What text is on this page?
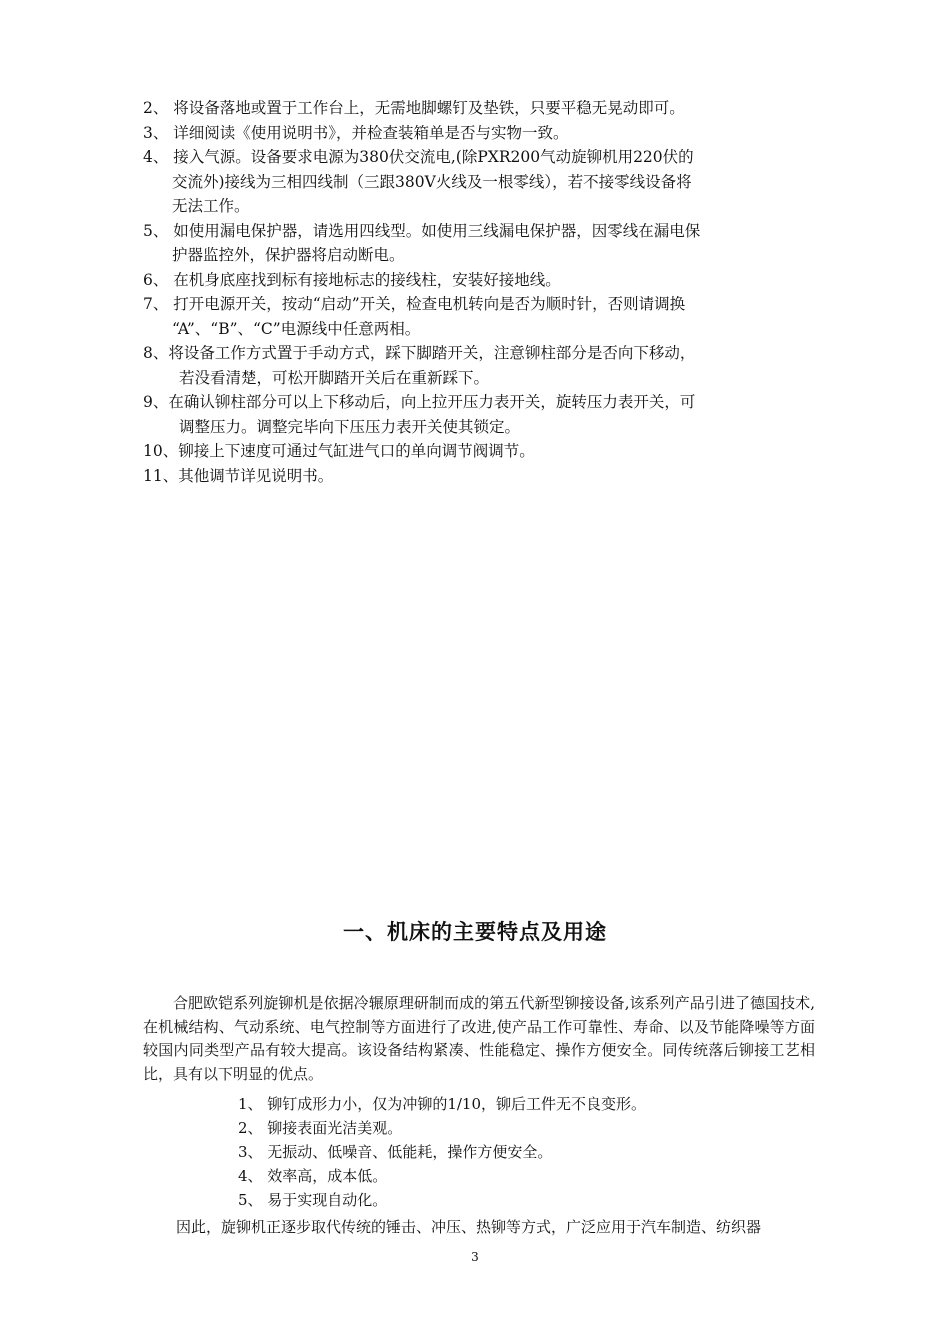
2、 将设备落地或置于工作台上，无需地脚螺钉及垫铁，只要平稳无晃动即可。

3、 详细阅读《使用说明书》，并检查装箱单是否与实物一致。

4、 接入气源。设备要求电源为380伏交流电,(除PXR200气动旋铆机用220伏的
交流外)接线为三相四线制（三跟380V火线及一根零线），若不接零线设备将
无法工作。

5、 如使用漏电保护器，请选用四线型。如使用三线漏电保护器，因零线在漏电保
护器监控外，保护器将启动断电。

6、 在机身底座找到标有接地标志的接线柱，安装好接地线。

7、 打开电源开关，按动“启动”开关，检查电机转向是否为顺时针，否则请调换
“A”、“B”、“C”电源线中任意两相。

8、将设备工作方式置于手动方式，踩下脚踏开关，注意铆柱部分是否向下移动，
若没看清楚，可松开脚踏开关后在重新踩下。

9、在确认铆柱部分可以上下移动后，向上拉开压力表开关，旋转压力表开关，可
调整压力。调整完毕向下压压力表开关使其锁定。

10、铆接上下速度可通过气缸进气口的单向调节阀调节。

11、其他调节详见说明书。

一、机床的主要特点及用途

合肥欧铠系列旋铆机是依据冷辗原理研制而成的第五代新型铆接设备,该系列产品引进了德国技术,在机械结构、气动系统、电气控制等方面进行了改进,使产品工作可靠性、寿命、以及节能降噪等方面较国内同类型产品有较大提高。该设备结构紧凑、性能稳定、操作方便安全。同传统落后铆接工艺相比，具有以下明显的优点。

1、 铆钉成形力小，仅为冲铆的1/10，铆后工件无不良变形。

2、 铆接表面光洁美观。

3、 无振动、低噪音、低能耗，操作方便安全。

4、 效率高，成本低。

5、 易于实现自动化。

因此，旋铆机正逐步取代传统的锤击、冲压、热铆等方式，广泛应用于汽车制造、纺织器

3
